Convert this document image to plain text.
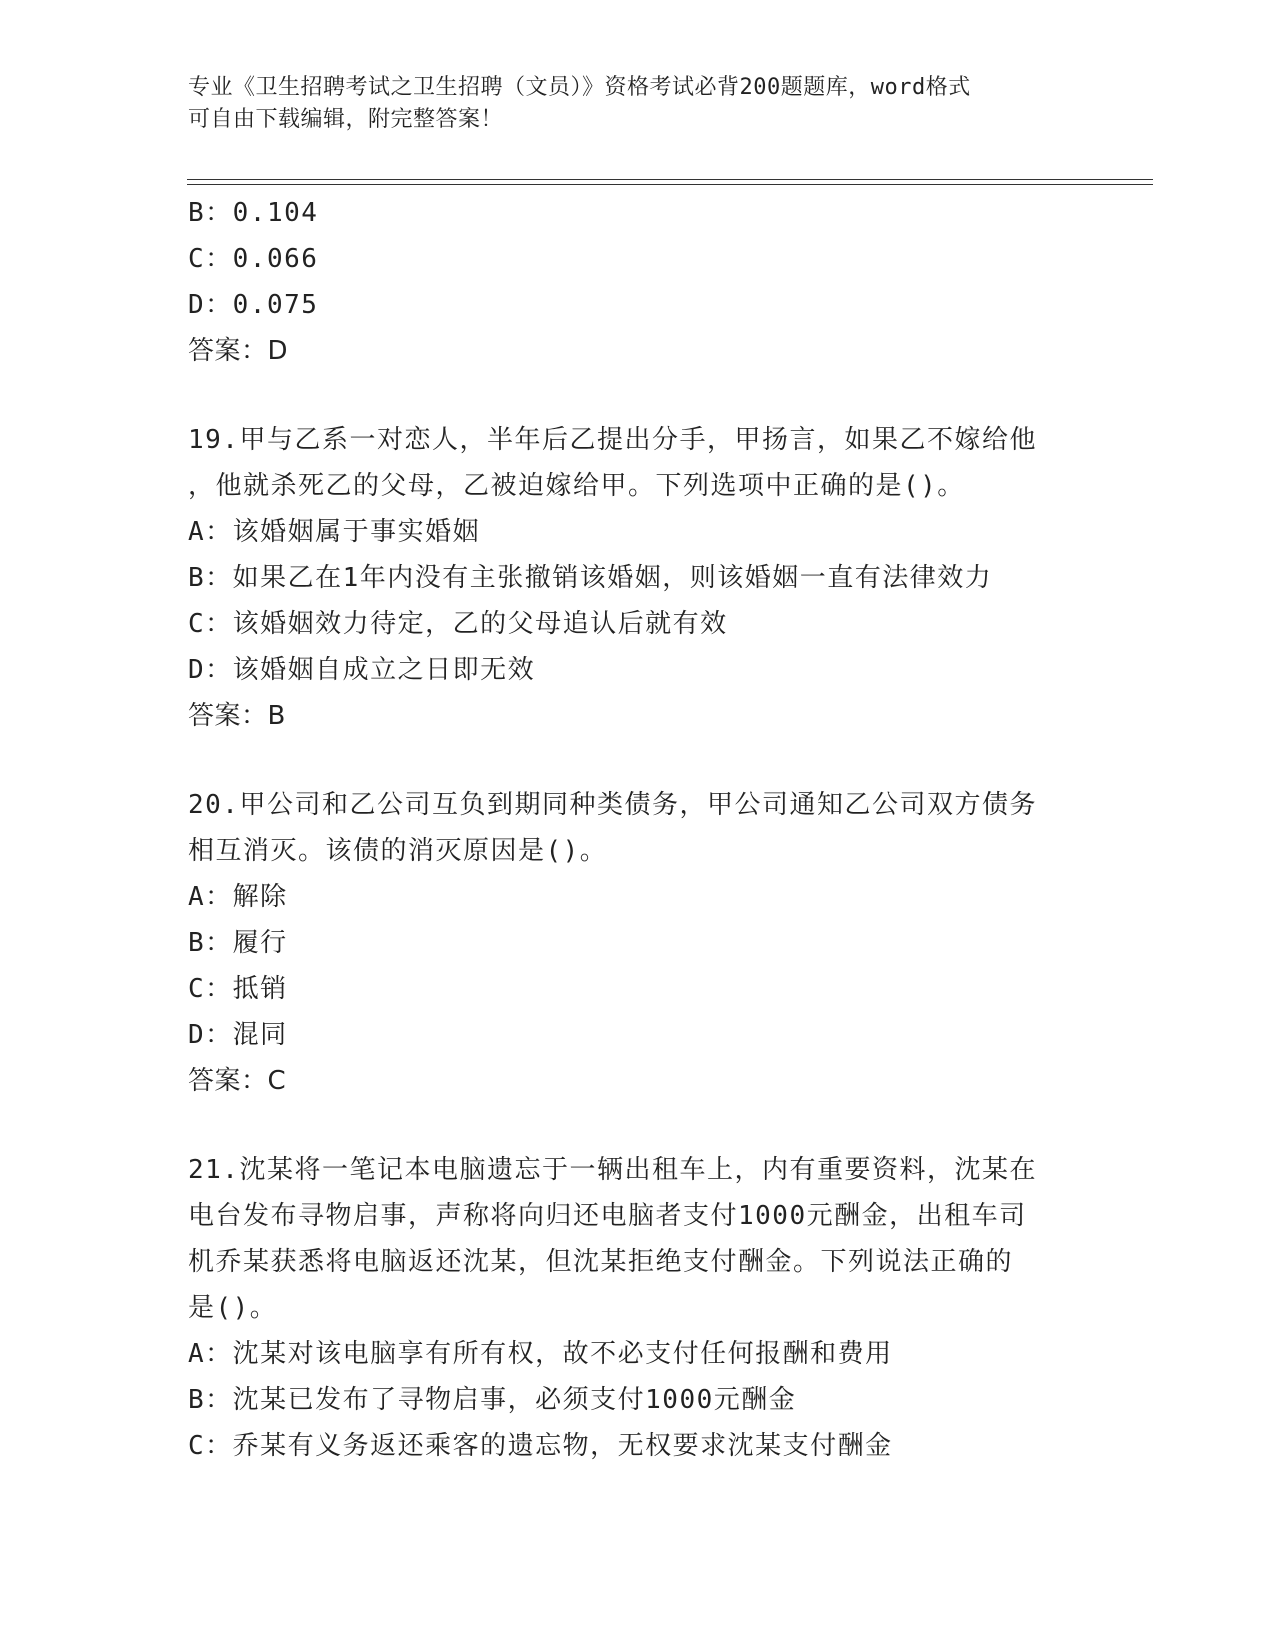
专业《卫生招聘考试之卫生招聘（文员）》资格考试必背200题题库，word格式
可自由下载编辑，附完整答案！
B：0.104
C：0.066
D：0.075
答案：D
19.甲与乙系一对恋人，半年后乙提出分手，甲扬言，如果乙不嫁给他
，他就杀死乙的父母，乙被迫嫁给甲。下列选项中正确的是()。
A：该婚姻属于事实婚姻
B：如果乙在1年内没有主张撤销该婚姻，则该婚姻一直有法律效力
C：该婚姻效力待定，乙的父母追认后就有效
D：该婚姻自成立之日即无效
答案：B
20.甲公司和乙公司互负到期同种类债务，甲公司通知乙公司双方债务
相互消灭。该债的消灭原因是()。
A：解除
B：履行
C：抵销
D：混同
答案：C
21.沈某将一笔记本电脑遗忘于一辆出租车上，内有重要资料，沈某在
电台发布寻物启事，声称将向归还电脑者支付1000元酬金，出租车司
机乔某获悉将电脑返还沈某，但沈某拒绝支付酬金。下列说法正确的
是()。
A：沈某对该电脑享有所有权，故不必支付任何报酬和费用
B：沈某已发布了寻物启事，必须支付1000元酬金
C：乔某有义务返还乘客的遗忘物，无权要求沈某支付酬金
